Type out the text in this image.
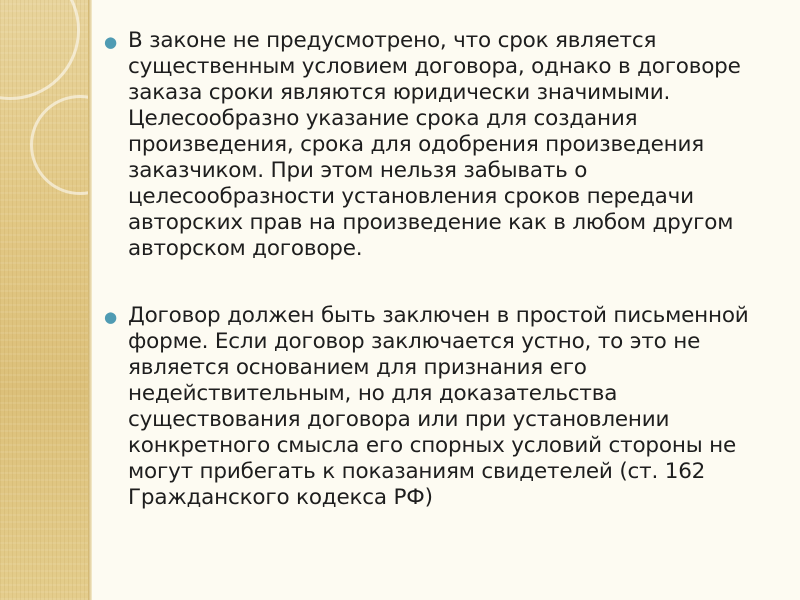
● В законе не предусмотрено, что срок является существенным условием договора, однако в договоре заказа сроки являются юридически значимыми. Целесообразно указание срока для создания произведения, срока для одобрения произведения заказчиком. При этом нельзя забывать о целесообразности установления сроков передачи авторских прав на произведение как в любом другом авторском договоре.
● Договор должен быть заключен в простой письменной форме. Если договор заключается устно, то это не является основанием для признания его недействительным, но для доказательства существования договора или при установлении конкретного смысла его спорных условий стороны не могут прибегать к показаниям свидетелей (ст. 162 Гражданского кодекса РФ)
